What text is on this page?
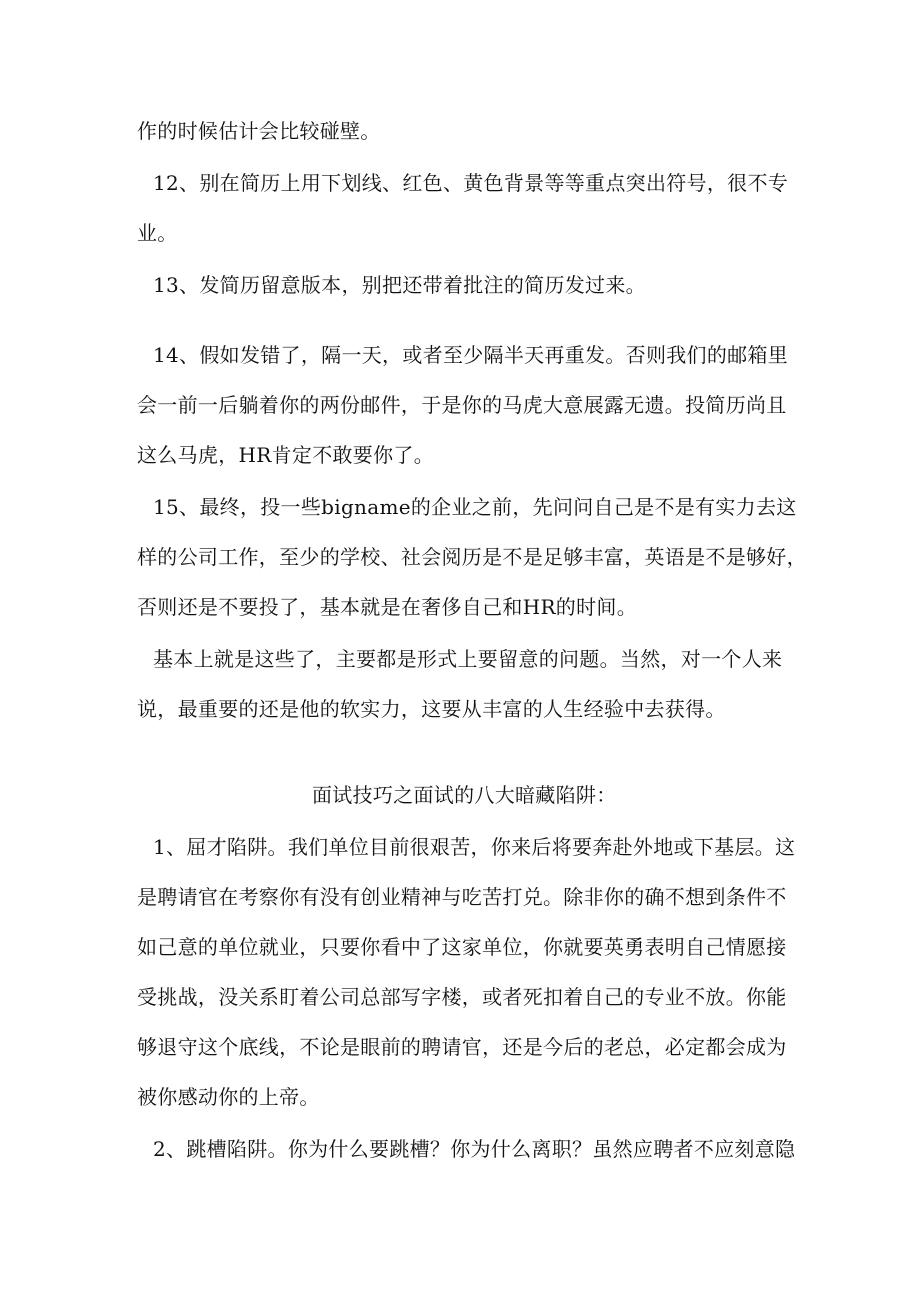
作的时候估计会比较碰壁。
12、别在简历上用下划线、红色、黄色背景等等重点突出符号，很不专
业。
13、发简历留意版本，别把还带着批注的简历发过来。
14、假如发错了，隔一天，或者至少隔半天再重发。否则我们的邮箱里
会一前一后躺着你的两份邮件，于是你的马虎大意展露无遗。投简历尚且
这么马虎，HR肯定不敢要你了。
15、最终，投一些bigname的企业之前，先问问自己是不是有实力去这
样的公司工作，至少的学校、社会阅历是不是足够丰富，英语是不是够好，
否则还是不要投了，基本就是在奢侈自己和HR的时间。
基本上就是这些了，主要都是形式上要留意的问题。当然，对一个人来
说，最重要的还是他的软实力，这要从丰富的人生经验中去获得。
面试技巧之面试的八大暗藏陷阱：
1、屈才陷阱。我们单位目前很艰苦，你来后将要奔赴外地或下基层。这
是聘请官在考察你有没有创业精神与吃苦打兑。除非你的确不想到条件不
如己意的单位就业，只要你看中了这家单位，你就要英勇表明自己情愿接
受挑战，没关系盯着公司总部写字楼，或者死扣着自己的专业不放。你能
够退守这个底线，不论是眼前的聘请官，还是今后的老总，必定都会成为
被你感动你的上帝。
2、跳槽陷阱。你为什么要跳槽？你为什么离职？虽然应聘者不应刻意隐
